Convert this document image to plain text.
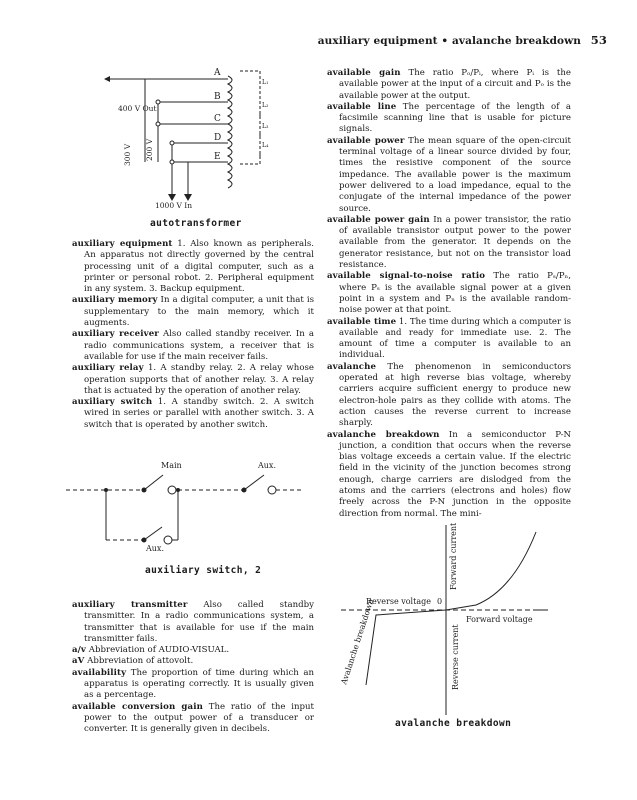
auxiliary equipment • avalanche breakdown 53
A
B
C
D
E
400 V Out
300 V 200 V
1000 V In
L₁
L₂
L₃
L₄
autotransformer

auxiliary equipment 1. Also known as peripherals. An apparatus not directly governed by the central processing unit of a digital computer, such as a printer or personal robot. 2. Peripheral equipment in any system. 3. Backup equipment.

auxiliary memory In a digital computer, a unit that is supplementary to the main memory, which it augments.

auxiliary receiver Also called standby receiver. In a radio communications system, a receiver that is available for use if the main receiver fails.

auxiliary relay 1. A standby relay. 2. A relay whose operation supports that of another relay. 3. A relay that is actuated by the operation of another relay.

auxiliary switch 1. A standby switch. 2. A switch wired in series or parallel with another switch. 3. A switch that is operated by another switch.

Main	Aux.
Aux.
auxiliary switch, 2

auxiliary transmitter Also called standby transmitter. In a radio communications system, a transmitter that is available for use if the main transmitter fails.

a/v Abbreviation of AUDIO-VISUAL.

aV Abbreviation of attovolt.

availability The proportion of time during which an apparatus is operating correctly. It is usually given as a percentage.

available conversion gain The ratio of the input power to the output power of a transducer or converter. It is generally given in decibels.

available gain The ratio Pₒ/Pᵢ, where Pᵢ is the available power at the input of a circuit and Pₒ is the available power at the output.

available line The percentage of the length of a facsimile scanning line that is usable for picture signals.

available power The mean square of the open-circuit terminal voltage of a linear source divided by four, times the resistive component of the source impedance. The available power is the maximum power delivered to a load impedance, equal to the conjugate of the internal impedance of the power source.

available power gain In a power transistor, the ratio of available transistor output power to the power available from the generator. It depends on the generator resistance, but not on the transistor load resistance.

available signal-to-noise ratio The ratio Pₛ/Pₙ, where Pₛ is the available signal power at a given point in a system and Pₙ is the available random-noise power at that point.

available time 1. The time during which a computer is available and ready for immediate use. 2. The amount of time a computer is available to an individual.

avalanche The phenomenon in semiconductors operated at high reverse bias voltage, whereby carriers acquire sufficient energy to produce new electron-hole pairs as they collide with atoms. The action causes the reverse current to increase sharply.

avalanche breakdown In a semiconductor P-N junction, a condition that occurs when the reverse bias voltage exceeds a certain value. If the electric field in the vicinity of the junction becomes strong enough, charge carriers are dislodged from the atoms and the carriers (electrons and holes) flow freely across the P-N junction in the opposite direction from normal. The mini-

Forward current
Reverse voltage 0
Forward voltage
Avalanche breakdown	Reverse current
avalanche breakdown
